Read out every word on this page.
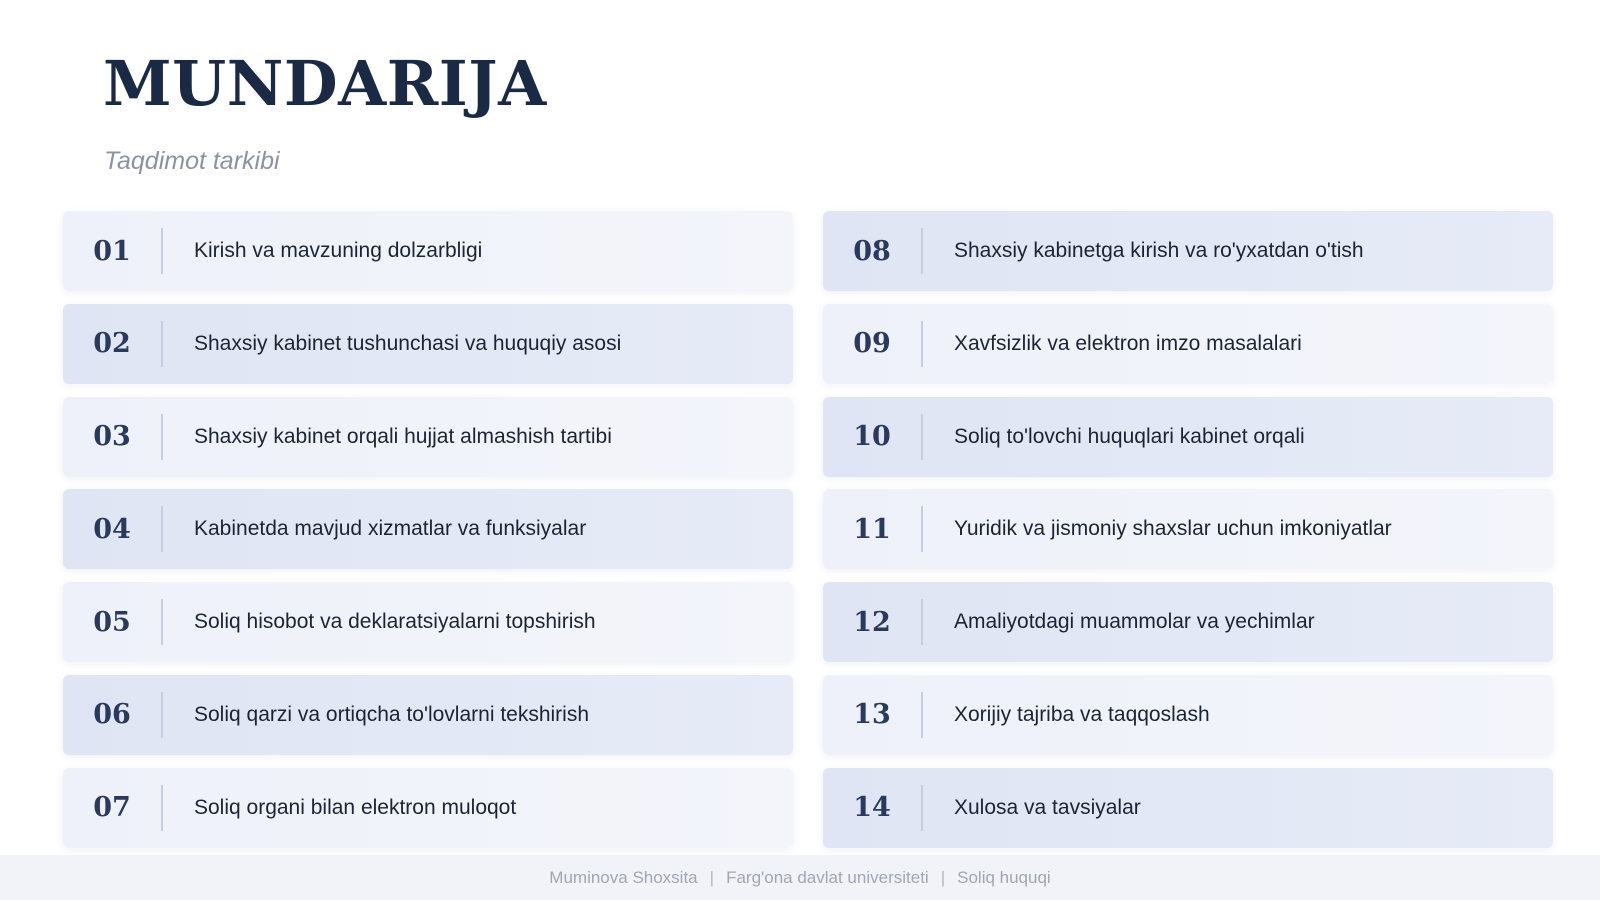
MUNDARIJA
Taqdimot tarkibi
01	Kirish va mavzuning dolzarbligi
02	Shaxsiy kabinet tushunchasi va huquqiy asosi
03	Shaxsiy kabinet orqali hujjat almashish tartibi
04	Kabinetda mavjud xizmatlar va funksiyalar
05	Soliq hisobot va deklaratsiyalarni topshirish
06	Soliq qarzi va ortiqcha to'lovlarni tekshirish
07	Soliq organi bilan elektron muloqot
08	Shaxsiy kabinetga kirish va ro'yxatdan o'tish
09	Xavfsizlik va elektron imzo masalalari
10	Soliq to'lovchi huquqlari kabinet orqali
11	Yuridik va jismoniy shaxslar uchun imkoniyatlar
12	Amaliyotdagi muammolar va yechimlar
13	Xorijiy tajriba va taqqoslash
14	Xulosa va tavsiyalar
Muminova Shoxsita | Farg'ona davlat universiteti | Soliq huquqi
